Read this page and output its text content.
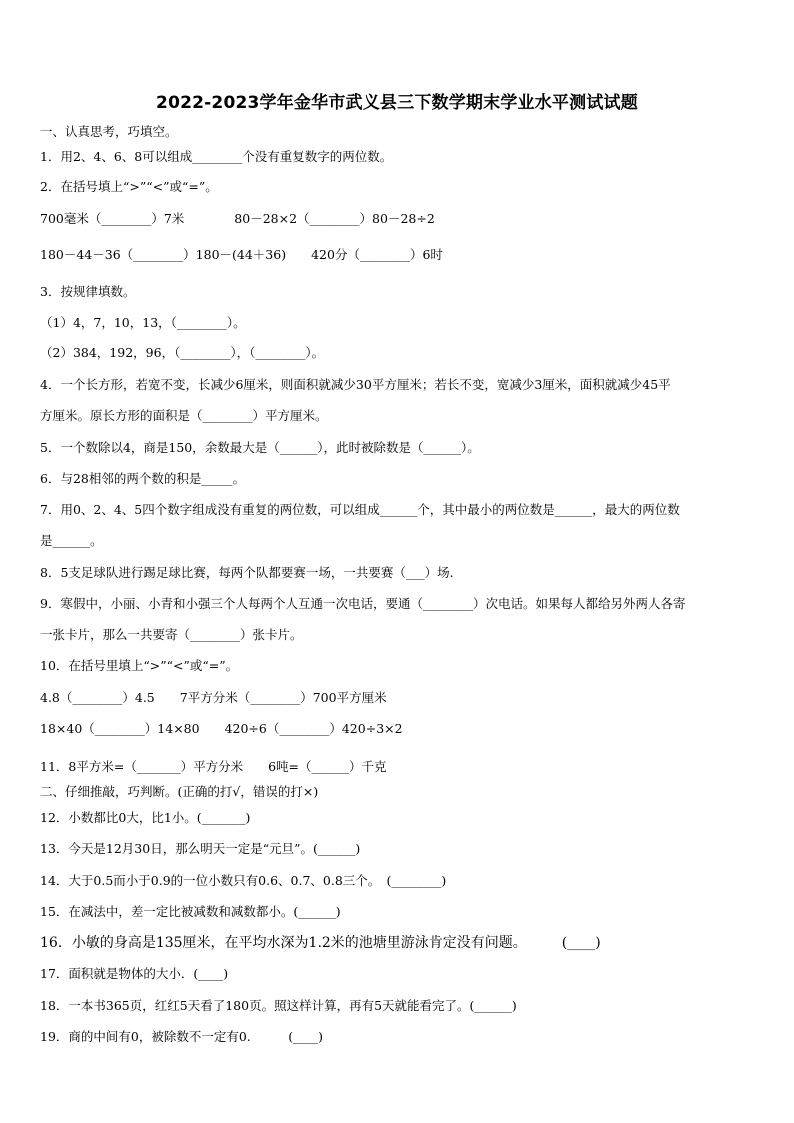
2022-2023学年金华市武义县三下数学期末学业水平测试试题
一、认真思考，巧填空。
1．用2、4、6、8可以组成________个没有重复数字的两位数。
2．在括号填上“>”“<”或“=”。
700毫米（________）7米　　　　80－28×2（________）80－28÷2
180－44－36（________）180－(44＋36)　　420分（________）6时
3．按规律填数。
（1）4，7，10，13，（________）。
（2）384，192，96，（________），（________）。
4．一个长方形，若宽不变，长减少6厘米，则面积就减少30平方厘米；若长不变，宽减少3厘米，面积就减少45平
方厘米。原长方形的面积是（________）平方厘米。
5．一个数除以4，商是150，余数最大是（______），此时被除数是（______）。
6．与28相邻的两个数的积是_____。
7．用0、2、4、5四个数字组成没有重复的两位数，可以组成______个，其中最小的两位数是______，最大的两位数
是______。
8．5支足球队进行踢足球比赛，每两个队都要赛一场，一共要赛（___）场.
9．寒假中，小丽、小青和小强三个人每两个人互通一次电话，要通（________）次电话。如果每人都给另外两人各寄
一张卡片，那么一共要寄（________）张卡片。
10．在括号里填上“>”“<”或“=”。
4.8（________）4.5　　7平方分米（________）700平方厘米
18×40（________）14×80　　420÷6（________）420÷3×2
11．8平方米=（_______）平方分米　　6吨=（______）千克
二、仔细推敲，巧判断。(正确的打√，错误的打×)
12．小数都比0大，比1小。(_______)
13．今天是12月30日，那么明天一定是“元旦”。(______)
14．大于0.5而小于0.9的一位小数只有0.6、0.7、0.8三个。　(________)
15．在减法中，差一定比被减数和减数都小。(______)
16．小敏的身高是135厘米，在平均水深为1.2米的池塘里游泳肯定没有问题。　　　(____)
17．面积就是物体的大小．(____)
18．一本书365页，红红5天看了180页。照这样计算，再有5天就能看完了。(______)
19．商的中间有0，被除数不一定有0.　　　(____)
